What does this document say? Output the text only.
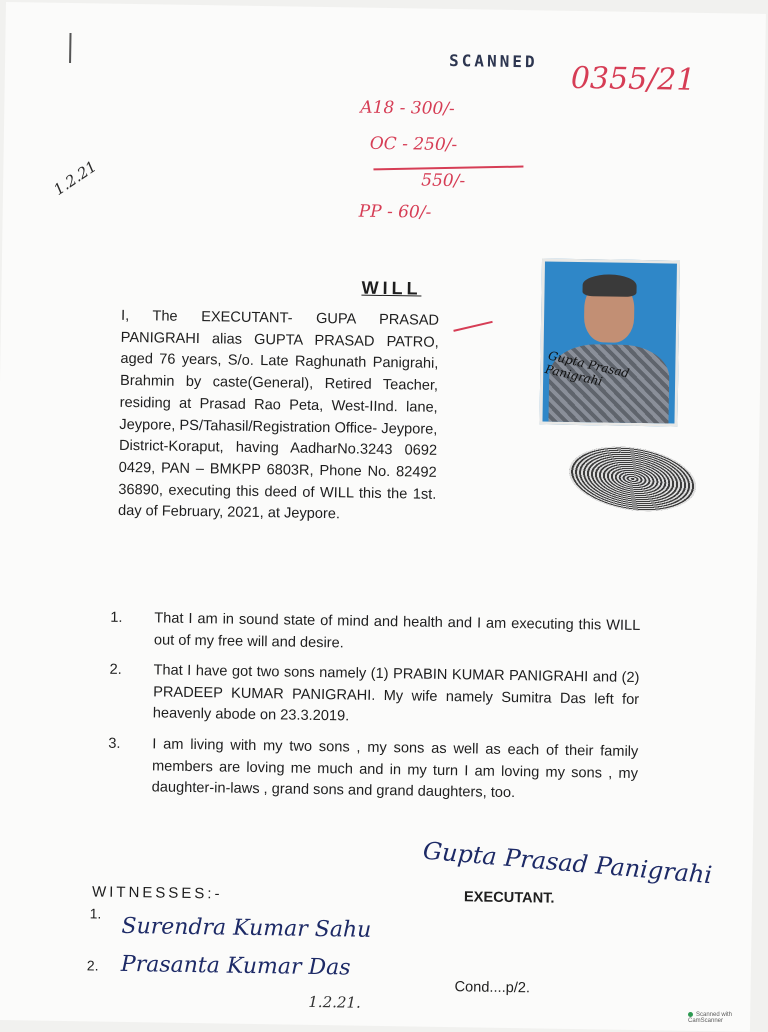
SCANNED 0355/21
A18 - 300/-
OC - 250/-
550/-
PP - 60/-
1.2.21
WILL
I, The EXECUTANT- GUPA PRASAD PANIGRAHI alias GUPTA PRASAD PATRO, aged 76 years, S/o. Late Raghunath Panigrahi, Brahmin by caste(General), Retired Teacher, residing at Prasad Rao Peta, West-IInd. lane, Jeypore, PS/Tahasil/Registration Office- Jeypore, District-Koraput, having AadharNo.3243 0692 0429, PAN – BMKPP 6803R, Phone No. 82492 36890, executing this deed of WILL this the 1st. day of February, 2021, at Jeypore.
Gupta Prasad Panigrahi
1.	That I am in sound state of mind and health and I am executing this WILL out of my free will and desire.
2.	That I have got two sons namely (1) PRABIN KUMAR PANIGRAHI and (2) PRADEEP KUMAR PANIGRAHI. My wife namely Sumitra Das left for heavenly abode on 23.3.2019.
3.	I am living with my two sons , my sons as well as each of their family members are loving me much and in my turn I am loving my sons , my daughter-in-laws , grand sons and grand daughters, too.
Gupta Prasad Panigrahi
EXECUTANT.
WITNESSES:-
1.
Surendra Kumar Sahu
2. Prasanta Kumar Das
1.2.21.
Cond....p/2.
Scanned with CamScanner
